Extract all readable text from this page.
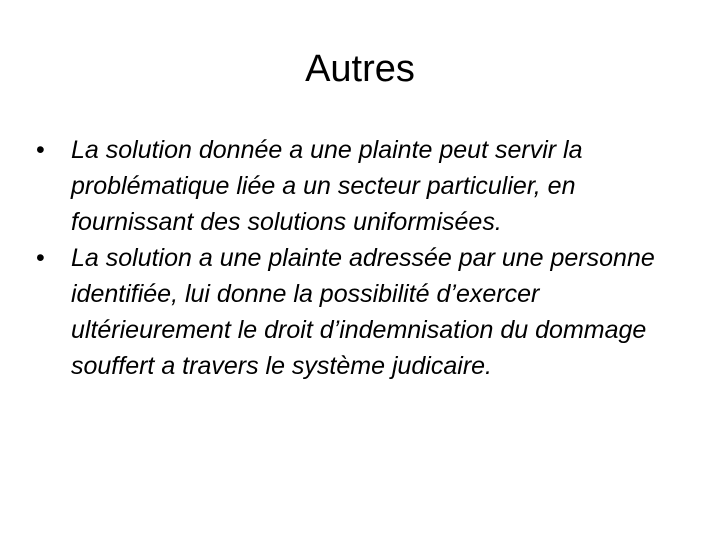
Autres
• La solution donnée a une plainte peut servir la problématique liée a un secteur particulier, en fournissant des solutions uniformisées.
• La solution a une plainte adressée par une personne identifiée, lui donne la possibilité d’exercer ultérieurement le droit d’indemnisation du dommage souffert a travers le système judicaire.
